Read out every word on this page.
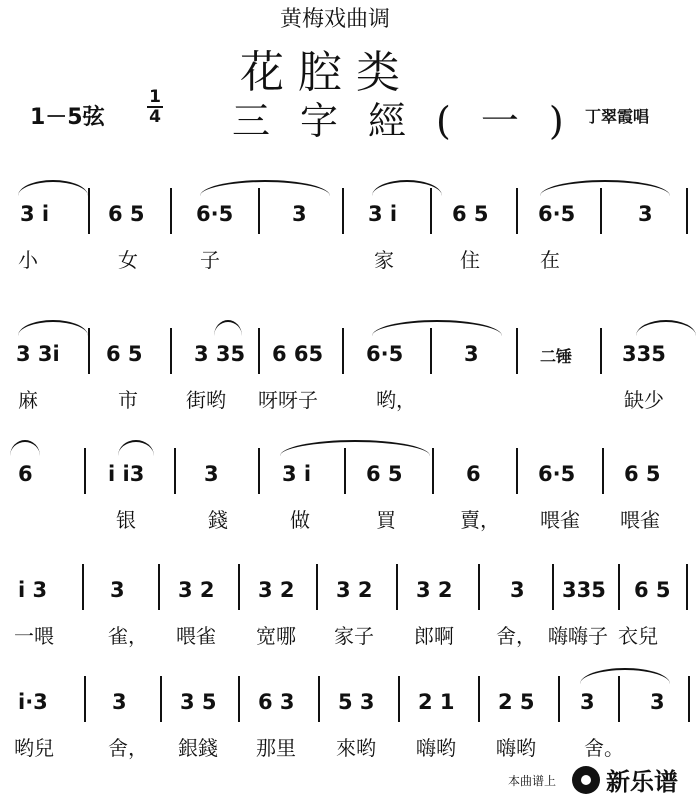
黄梅戏曲调
花腔类
1－5弦
1
4 三字經(一)
丁翠霞唱
3 i	6 5 6·5	3	3 i	6 5 6·5	3
小	女	子	家	住	在
3 3i 6 5 3 35 6 65 6·5	3	二锤 335
麻	市 街哟 呀呀子	哟，	缺少
6	i i3	3	3 i	6 5	6	6·5 6 5
银	錢	做	買	賣， 喂雀 喂雀
i 3	3	3 2 3 2 3 2 3 2	3 335 6 5
一喂	雀， 喂雀 宽哪 家子 郎啊 舍， 嗨嗨子 衣兒
i·3	3	3 5 6 3 5 3 2 1 2 5 3	3
哟兒	舍， 銀錢 那里 來哟 嗨哟 嗨哟 舍。
本曲谱上 新乐谱
